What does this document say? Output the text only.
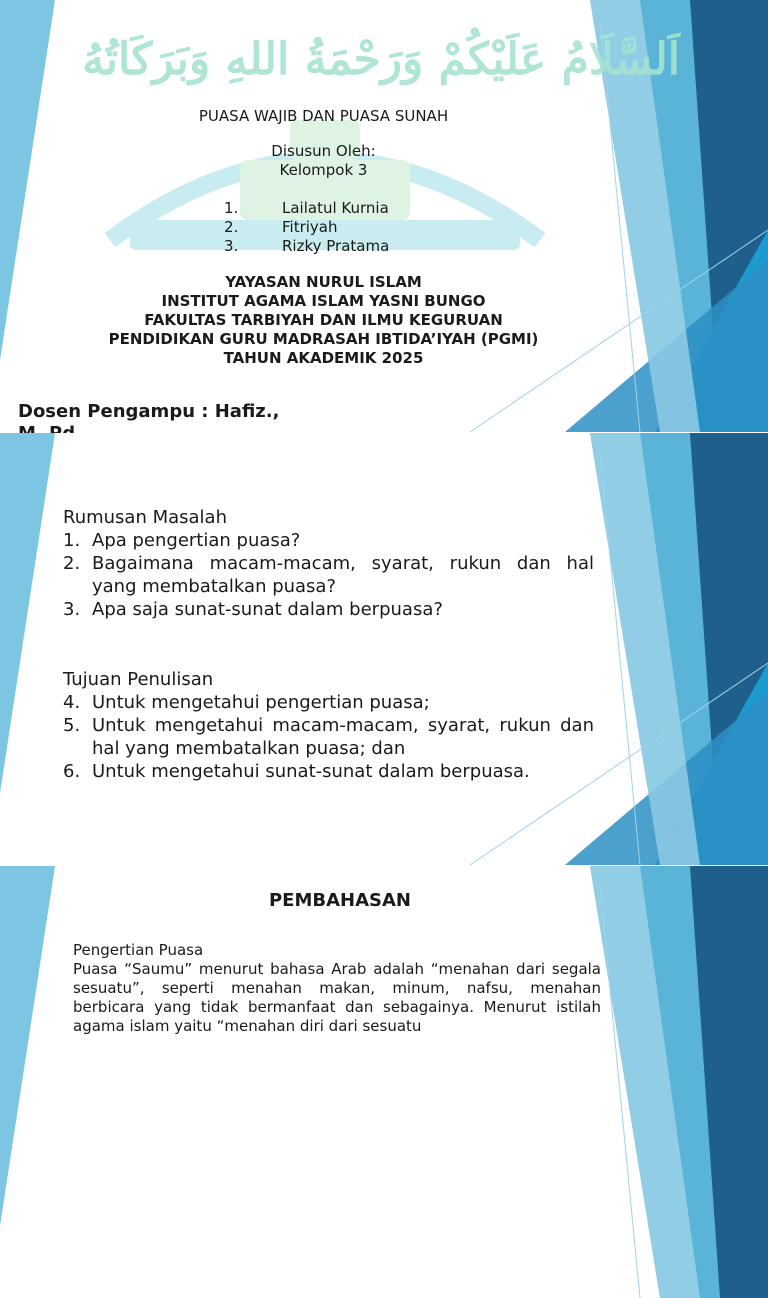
اَلسَّلَامُ عَلَيْكُمْ وَرَحْمَةُ اللهِ وَبَرَكَاتُهُ
PUASA WAJIB DAN PUASA SUNAH
Disusun Oleh:
Kelompok 3
1.	Lailatul Kurnia
2.	Fitriyah
3.	Rizky Pratama
YAYASAN NURUL ISLAM
INSTITUT AGAMA ISLAM YASNI BUNGO
FAKULTAS TARBIYAH DAN ILMU KEGURUAN
PENDIDIKAN GURU MADRASAH IBTIDA’IYAH (PGMI)
TAHUN AKADEMIK 2025
Dosen Pengampu : Hafiz.,
Rumusan Masalah
1. Apa pengertian puasa?
2. Bagaimana macam-macam, syarat, rukun dan hal yang membatalkan puasa?
3. Apa saja sunat-sunat dalam berpuasa?
Tujuan Penulisan
4. Untuk mengetahui pengertian puasa;
5. Untuk mengetahui macam-macam, syarat, rukun dan hal yang membatalkan puasa; dan
6. Untuk mengetahui sunat-sunat dalam berpuasa.
PEMBAHASAN
Pengertian Puasa
Puasa “Saumu” menurut bahasa Arab adalah “menahan dari segala sesuatu”, seperti menahan makan, minum, nafsu, menahan berbicara yang tidak bermanfaat dan sebagainya. Menurut istilah agama islam yaitu “menahan diri dari sesuatu
